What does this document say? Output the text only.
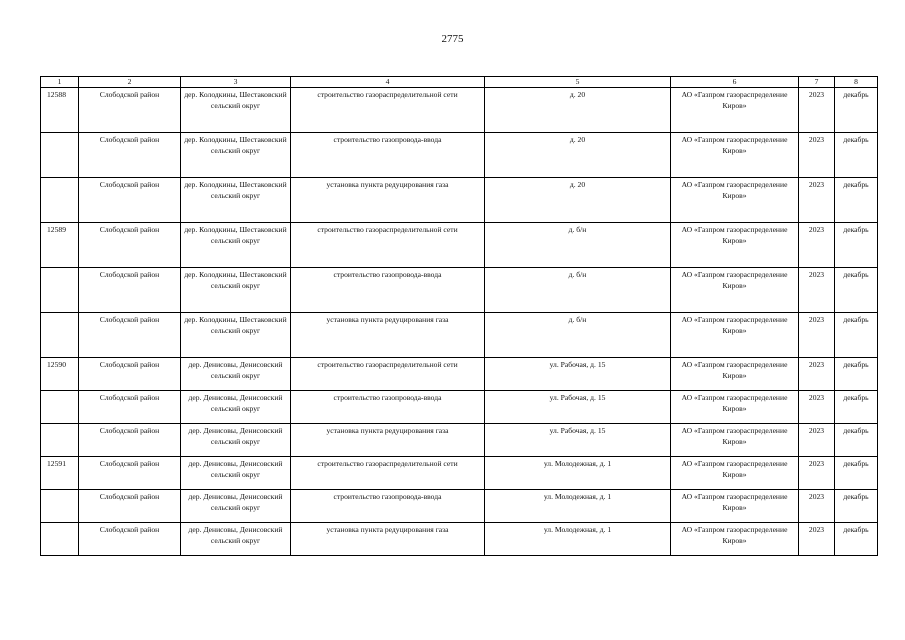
2775
1	2	3	4	5	6	7	8
12588	Слободской район	дер. Колодкины, Шестаковский сельский округ	строительство газораспределительной сети	д. 20	АО «Газпром газораспределение Киров»	2023	декабрь
	Слободской район	дер. Колодкины, Шестаковский сельский округ	строительство газопровода-ввода	д. 20	АО «Газпром газораспределение Киров»	2023	декабрь
	Слободской район	дер. Колодкины, Шестаковский сельский округ	установка пункта редуцирования газа	д. 20	АО «Газпром газораспределение Киров»	2023	декабрь
12589	Слободской район	дер. Колодкины, Шестаковский сельский округ	строительство газораспределительной сети	д. б/н	АО «Газпром газораспределение Киров»	2023	декабрь
	Слободской район	дер. Колодкины, Шестаковский сельский округ	строительство газопровода-ввода	д. б/н	АО «Газпром газораспределение Киров»	2023	декабрь
	Слободской район	дер. Колодкины, Шестаковский сельский округ	установка пункта редуцирования газа	д. б/н	АО «Газпром газораспределение Киров»	2023	декабрь
12590	Слободской район	дер. Денисовы, Денисовский сельский округ	строительство газораспределительной сети	ул. Рабочая, д. 15	АО «Газпром газораспределение Киров»	2023	декабрь
	Слободской район	дер. Денисовы, Денисовский сельский округ	строительство газопровода-ввода	ул. Рабочая, д. 15	АО «Газпром газораспределение Киров»	2023	декабрь
	Слободской район	дер. Денисовы, Денисовский сельский округ	установка пункта редуцирования газа	ул. Рабочая, д. 15	АО «Газпром газораспределение Киров»	2023	декабрь
12591	Слободской район	дер. Денисовы, Денисовский сельский округ	строительство газораспределительной сети	ул. Молодежная, д. 1	АО «Газпром газораспределение Киров»	2023	декабрь
	Слободской район	дер. Денисовы, Денисовский сельский округ	строительство газопровода-ввода	ул. Молодежная, д. 1	АО «Газпром газораспределение Киров»	2023	декабрь
	Слободской район	дер. Денисовы, Денисовский сельский округ	установка пункта редуцирования газа	ул. Молодежная, д. 1	АО «Газпром газораспределение Киров»	2023	декабрь
